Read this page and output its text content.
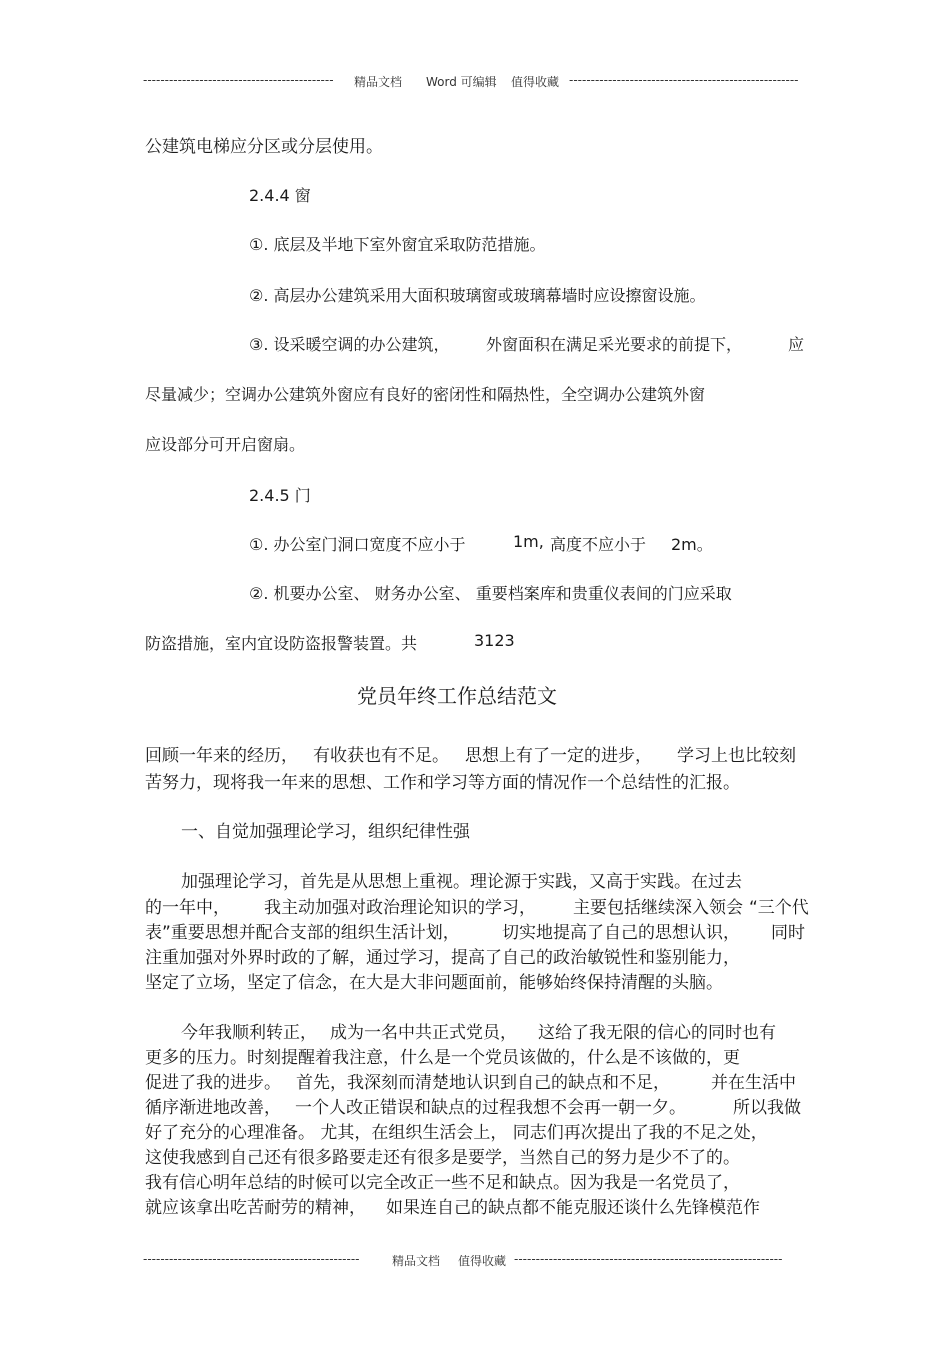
-------------------------------------------- 精品文档 Word 可编辑 值得收藏 -----------------------------------------------------
公建筑电梯应分区或分层使用。
2.4.4 窗
①. 底层及半地下室外窗宜采取防范措施。
②. 高层办公建筑采用大面积玻璃窗或玻璃幕墙时应设擦窗设施。
③. 设采暖空调的办公建筑， 外窗面积在满足采光要求的前提下，	应
尽量减少；空调办公建筑外窗应有良好的密闭性和隔热性，全空调办公建筑外窗
应设部分可开启窗扇。
2.4.5 门
①. 办公室门洞口宽度不应小于	1m, 高度不应小于 2m。
②. 机要办公室、 财务办公室、 重要档案库和贵重仪表间的门应采取
防盗措施，室内宜设防盗报警装置。共	3123
党员年终工作总结范文
回顾一年来的经历， 有收获也有不足。 思想上有了一定的进步， 学习上也比较刻
苦努力，现将我一年来的思想、工作和学习等方面的情况作一个总结性的汇报。
一、自觉加强理论学习，组织纪律性强
加强理论学习，首先是从思想上重视。理论源于实践，又高于实践。在过去
的一年中， 我主动加强对政治理论知识的学习， 主要包括继续深入领会 “三个代
表”重要思想并配合支部的组织生活计划， 切实地提高了自己的思想认识， 同时
注重加强对外界时政的了解，通过学习，提高了自己的政治敏锐性和鉴别能力，
坚定了立场，坚定了信念，在大是大非问题面前，能够始终保持清醒的头脑。
今年我顺利转正， 成为一名中共正式党员， 这给了我无限的信心的同时也有
更多的压力。时刻提醒着我注意，什么是一个党员该做的，什么是不该做的，更
促进了我的进步。 首先，我深刻而清楚地认识到自己的缺点和不足， 并在生活中
循序渐进地改善， 一个人改正错误和缺点的过程我想不会再一朝一夕。	所以我做
好了充分的心理准备。 尤其，在组织生活会上， 同志们再次提出了我的不足之处，
这使我感到自己还有很多路要走还有很多是要学，当然自己的努力是少不了的。
我有信心明年总结的时候可以完全改正一些不足和缺点。因为我是一名党员了，
就应该拿出吃苦耐劳的精神， 如果连自己的缺点都不能克服还谈什么先锋模范作
--------------------------------------------------	精品文档 值得收藏 --------------------------------------------------------------
